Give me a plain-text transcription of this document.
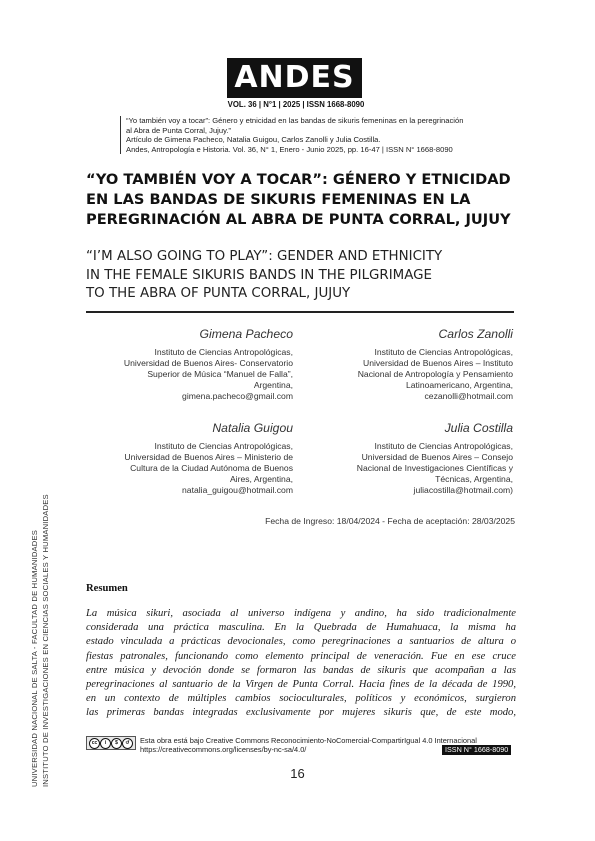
ANDES
VOL. 36 | N°1 | 2025 | ISSN 1668-8090
“Yo también voy a tocar”: Género y etnicidad en las bandas de sikuris femeninas en la peregrinación
al Abra de Punta Corral, Jujuy.”
Artículo de Gimena Pacheco, Natalia Guigou, Carlos Zanolli y Julia Costilla.
Andes, Antropología e Historia. Vol. 36, N° 1, Enero - Junio 2025, pp. 16-47 | ISSN N° 1668-8090
“YO TAMBIÉN VOY A TOCAR”: GÉNERO Y ETNICIDAD
EN LAS BANDAS DE SIKURIS FEMENINAS EN LA
PEREGRINACIÓN AL ABRA DE PUNTA CORRAL, JUJUY
“I’M ALSO GOING TO PLAY”: GENDER AND ETHNICITY
IN THE FEMALE SIKURIS BANDS IN THE PILGRIMAGE
TO THE ABRA OF PUNTA CORRAL, JUJUY
Gimena Pacheco
Instituto de Ciencias Antropológicas,
Universidad de Buenos Aires- Conservatorio
Superior de Música “Manuel de Falla”,
Argentina,
gimena.pacheco@gmail.com
Carlos Zanolli
Instituto de Ciencias Antropológicas,
Universidad de Buenos Aires – Instituto
Nacional de Antropología y Pensamiento
Latinoamericano, Argentina,
cezanolli@hotmail.com
Natalia Guigou
Instituto de Ciencias Antropológicas,
Universidad de Buenos Aires – Ministerio de
Cultura de la Ciudad Autónoma de Buenos
Aires, Argentina,
natalia_guigou@hotmail.com
Julia Costilla
Instituto de Ciencias Antropológicas,
Universidad de Buenos Aires – Consejo
Nacional de Investigaciones Científicas y
Técnicas, Argentina,
juliacostilla@hotmail.com)
Fecha de Ingreso: 18/04/2024 - Fecha de aceptación: 28/03/2025
UNIVERSIDAD NACIONAL DE SALTA - FACULTAD DE HUMANIDADES INSTITUTO DE INVESTIGACIONES EN CIENCIAS SOCIALES Y HUMANIDADES	Resumen
La música sikuri, asociada al universo indígena y andino, ha sido tradicionalmente
considerada una práctica masculina. En la Quebrada de Humahuaca, la misma ha
estado vinculada a prácticas devocionales, como peregrinaciones a santuarios de altura o
fiestas patronales, funcionando como elemento principal de veneración. Fue en ese cruce
entre música y devoción donde se formaron las bandas de sikuris que acompañan a las
peregrinaciones al santuario de la Virgen de Punta Corral. Hacia fines de la década de 1990,
en un contexto de múltiples cambios socioculturales, políticos y económicos, surgieron
las primeras bandas integradas exclusivamente por mujeres sikuris que, de este modo,
cc	i	$	↺	Esta obra está bajo Creative Commons Reconocimiento-NoComercial-CompartirIgual 4.0 Internacional
https://creativecommons.org/licenses/by-nc-sa/4.0/	ISSN N° 1668-8090
16
